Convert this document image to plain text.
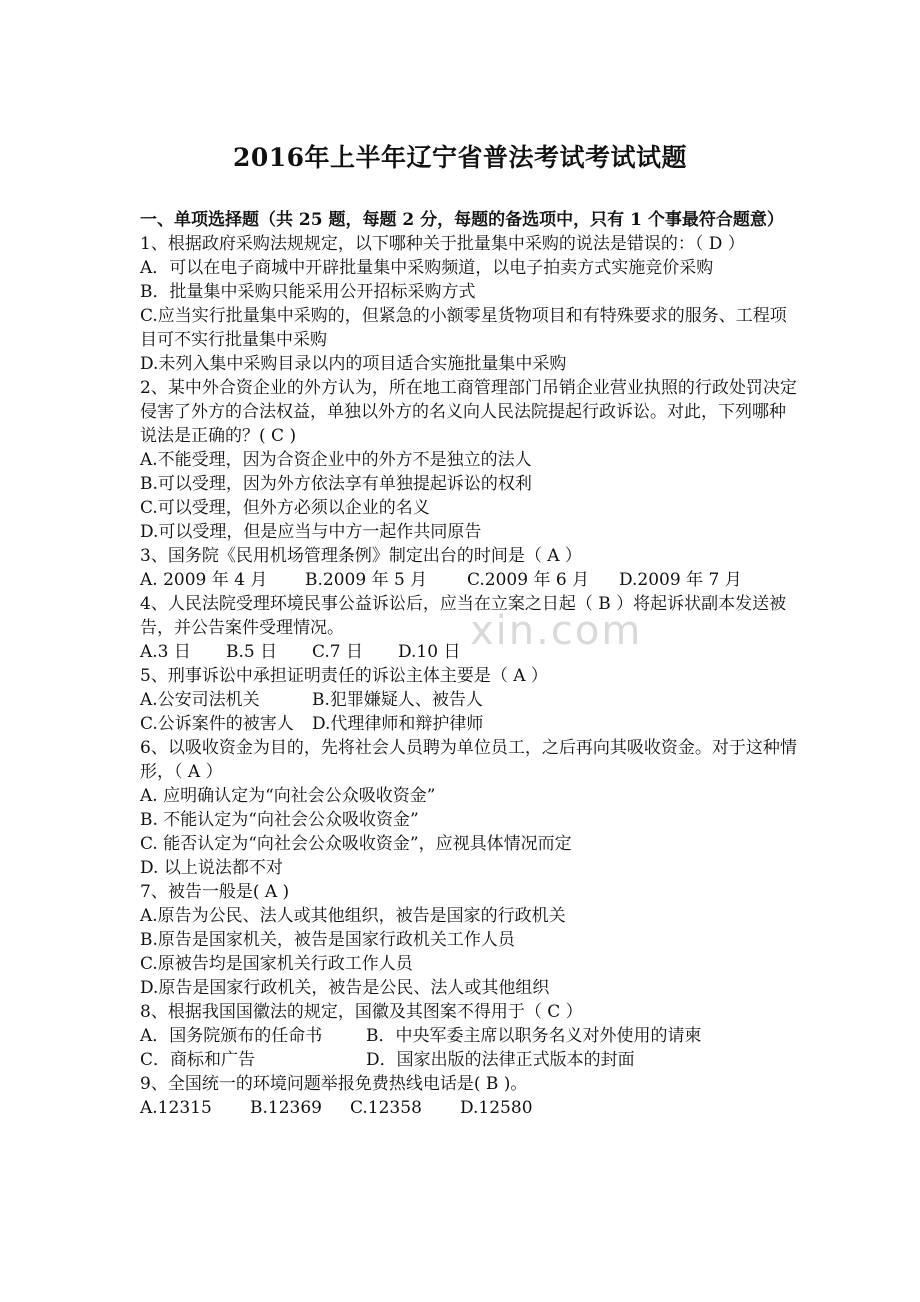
xin.com
2016年上半年辽宁省普法考试考试试题
一、单项选择题（共 25 题，每题 2 分，每题的备选项中，只有 1 个事最符合题意）
1、根据政府采购法规规定，以下哪种关于批量集中采购的说法是错误的：（ D ）
A．可以在电子商城中开辟批量集中采购频道，以电子拍卖方式实施竞价采购
B．批量集中采购只能采用公开招标采购方式
C.应当实行批量集中采购的，但紧急的小额零星货物项目和有特殊要求的服务、工程项目可不实行批量集中采购
D.未列入集中采购目录以内的项目适合实施批量集中采购
2、某中外合资企业的外方认为，所在地工商管理部门吊销企业营业执照的行政处罚决定侵害了外方的合法权益，单独以外方的名义向人民法院提起行政诉讼。对此，下列哪种说法是正确的？( C )
A.不能受理，因为合资企业中的外方不是独立的法人
B.可以受理，因为外方依法享有单独提起诉讼的权利
C.可以受理，但外方必须以企业的名义
D.可以受理，但是应当与中方一起作共同原告
3、国务院《民用机场管理条例》制定出台的时间是（ A ）
A. 2009 年 4 月	B.2009 年 5 月	C.2009 年 6 月	D.2009 年 7 月
4、人民法院受理环境民事公益诉讼后，应当在立案之日起（ B ）将起诉状副本发送被告，并公告案件受理情况。
A.3 日	B.5 日	C.7 日	D.10 日
5、刑事诉讼中承担证明责任的诉讼主体主要是（ A ）
A.公安司法机关	B.犯罪嫌疑人、被告人
C.公诉案件的被害人	D.代理律师和辩护律师
6、以吸收资金为目的，先将社会人员聘为单位员工，之后再向其吸收资金。对于这种情形，（ A ）
A. 应明确认定为“向社会公众吸收资金”
B. 不能认定为“向社会公众吸收资金”
C. 能否认定为“向社会公众吸收资金”，应视具体情况而定
D. 以上说法都不对
7、被告一般是( A )
A.原告为公民、法人或其他组织，被告是国家的行政机关
B.原告是国家机关，被告是国家行政机关工作人员
C.原被告均是国家机关行政工作人员
D.原告是国家行政机关，被告是公民、法人或其他组织
8、根据我国国徽法的规定，国徽及其图案不得用于（ C ）
A．国务院颁布的任命书	B．中央军委主席以职务名义对外使用的请柬
C．商标和广告	D．国家出版的法律正式版本的封面
9、全国统一的环境问题举报免费热线电话是( B )。
A.12315	B.12369	C.12358	D.12580
